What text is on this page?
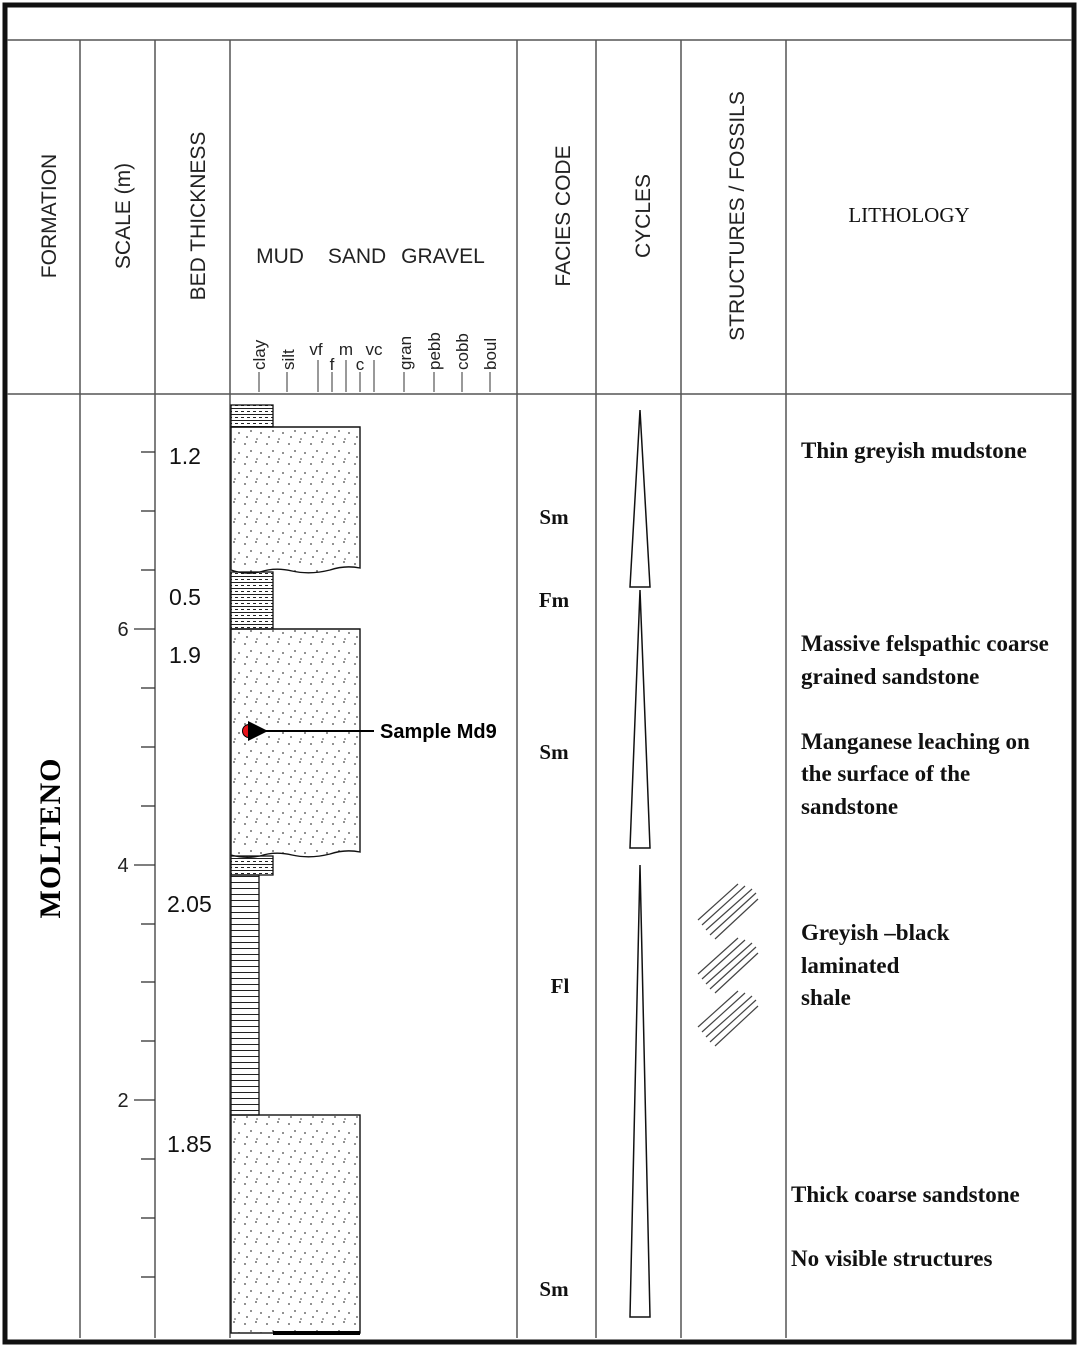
FORMATION SCALE (m) BED THICKNESS	FACIES CODE	CYCLES	STRUCTURES / FOSSILS	LITHOLOGY
MUD SAND GRAVEL
clay silt vf
f
m
c
vc gran pebb cobb boul
MOLTENO
6
4
2
1.2
0.5
1.9
2.05
1.85
Sample Md9
Sm
Fm
Sm
Fl
Sm
Thin greyish mudstone
Massive felspathic coarse
grained sandstone
Manganese leaching on
the surface of the
sandstone
Greyish –black
laminated
shale
Thick coarse sandstone
No visible structures
